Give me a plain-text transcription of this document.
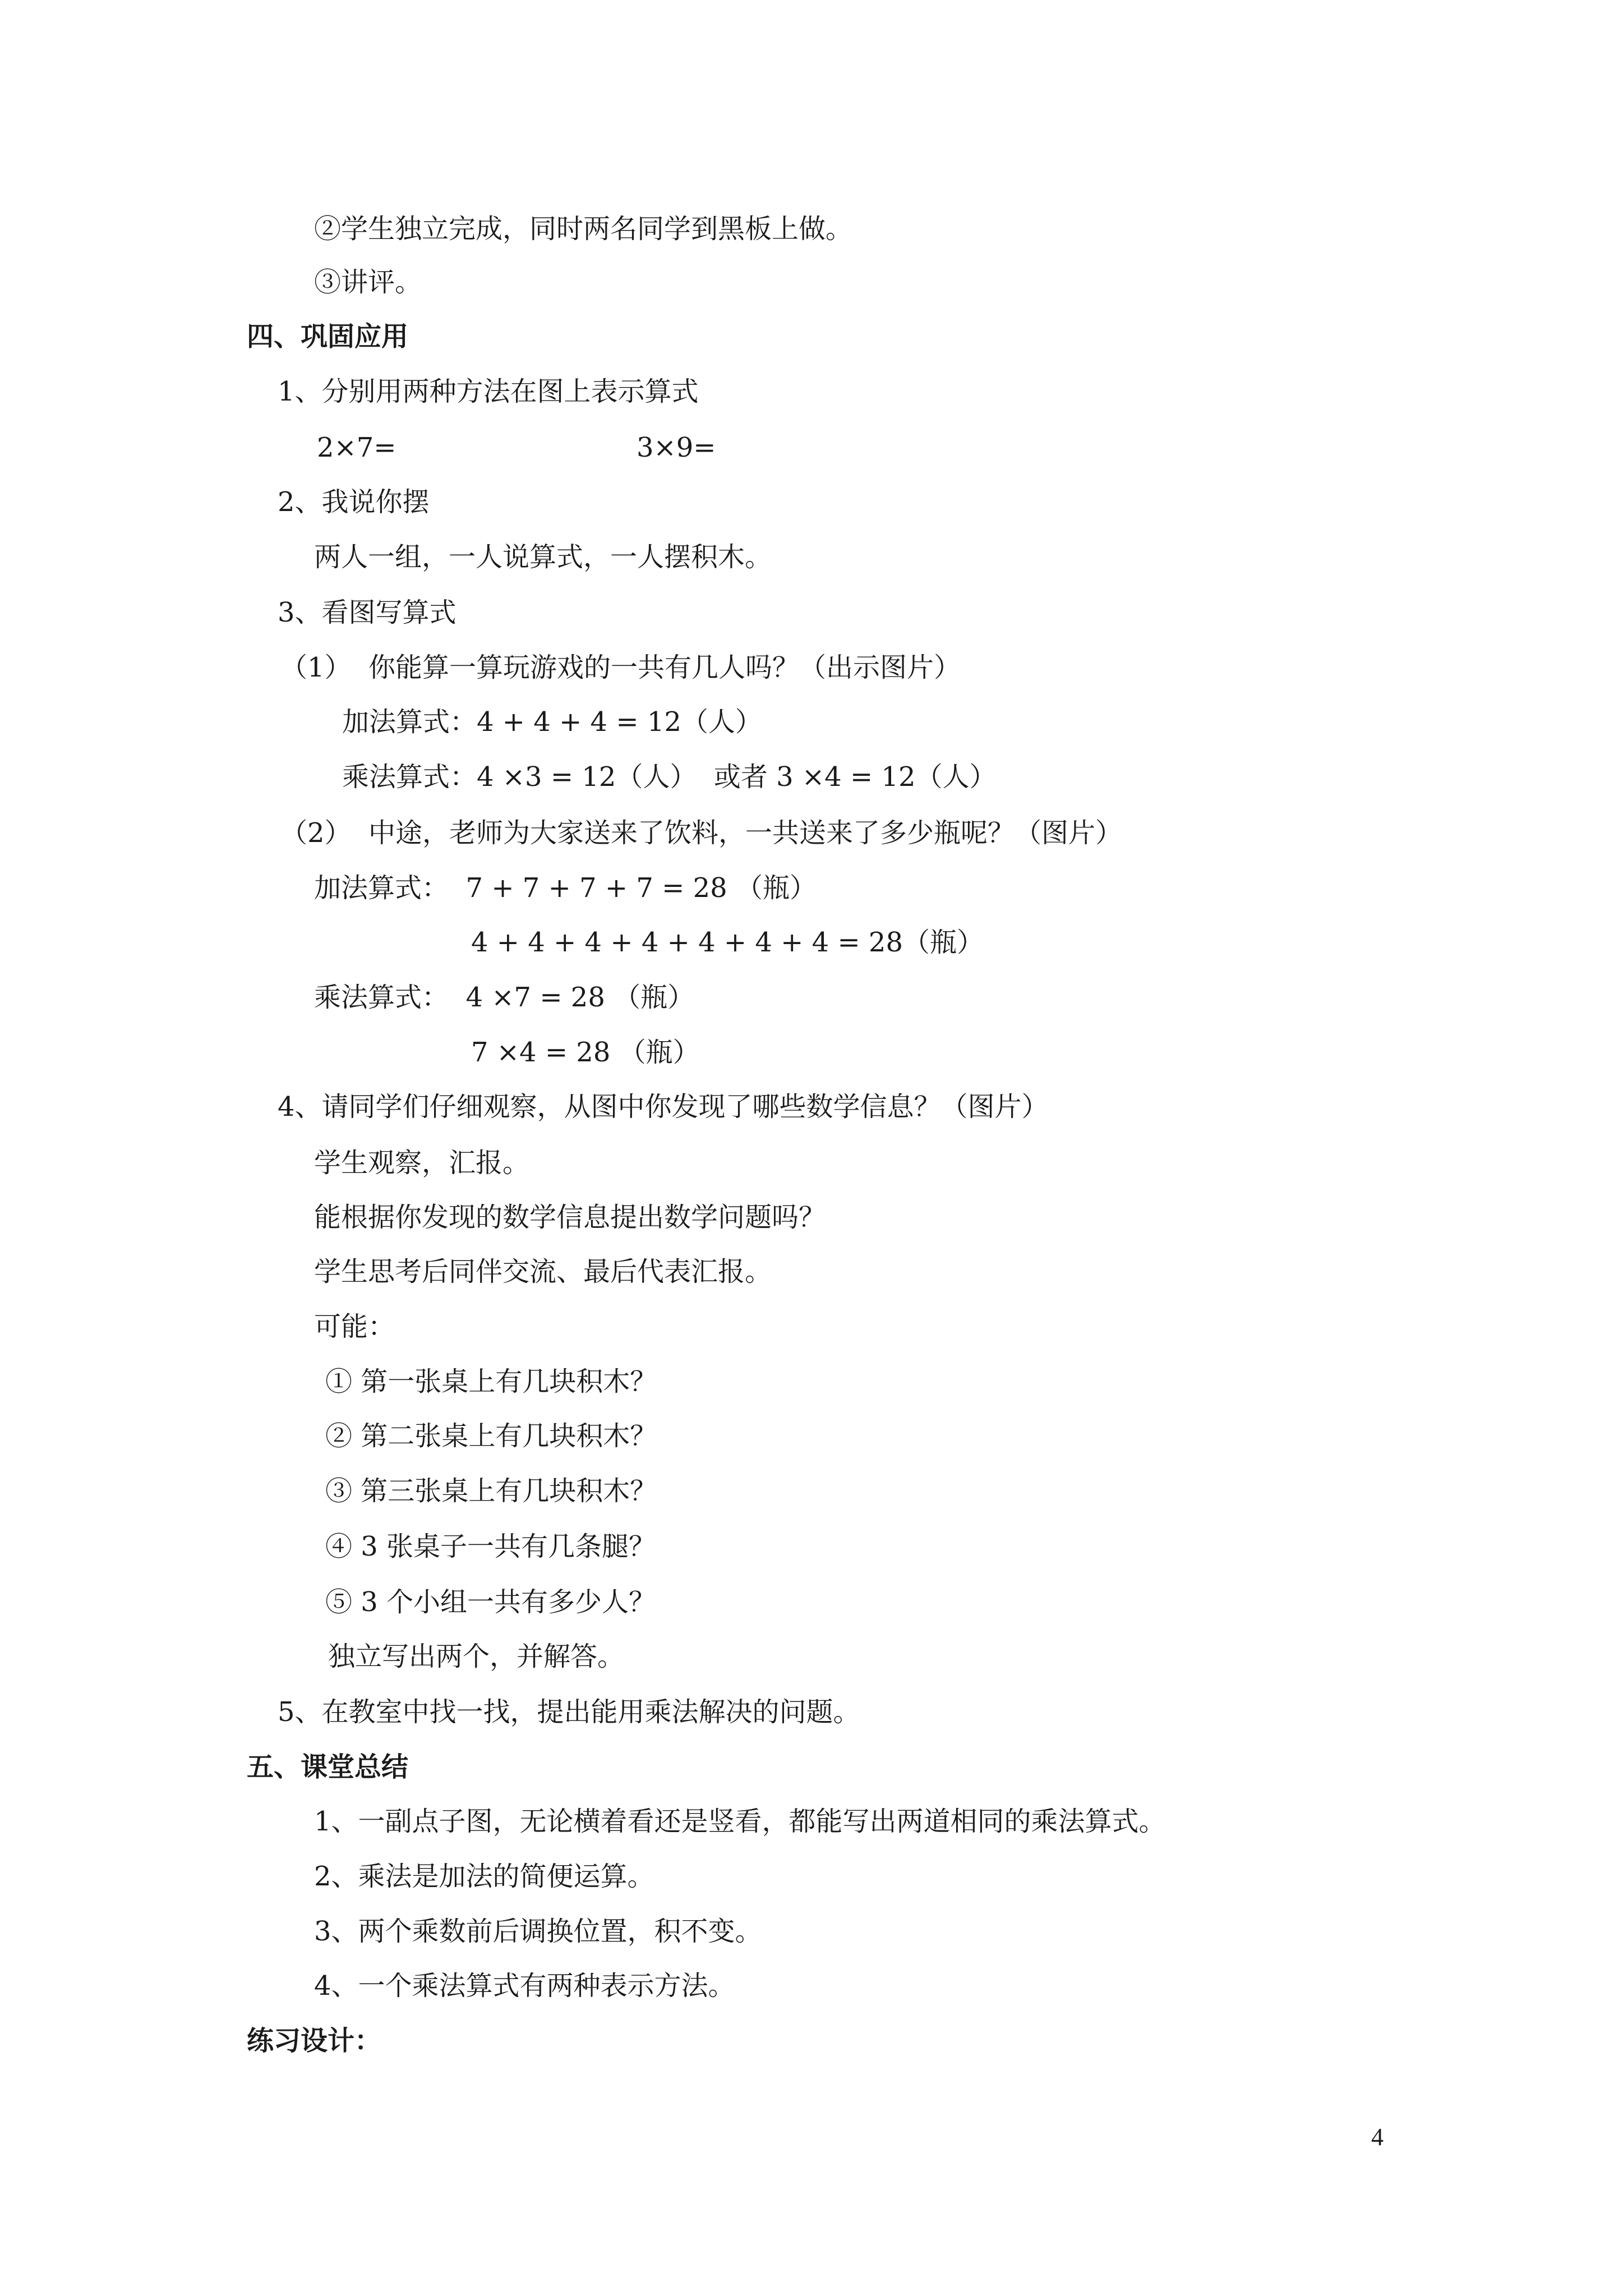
②学生独立完成，同时两名同学到黑板上做。

③讲评。

四、巩固应用

1、分别用两种方法在图上表示算式

2×7=	3×9=

2、我说你摆

两人一组，一人说算式，一人摆积木。

3、看图写算式

（1）  你能算一算玩游戏的一共有几人吗？（出示图片）

加法算式：4 + 4 + 4 = 12（人）

乘法算式：4 ×3 = 12（人）  或者 3 ×4 = 12（人）

（2）  中途，老师为大家送来了饮料，一共送来了多少瓶呢？（图片）

加法算式：  7 + 7 + 7 + 7 = 28 （瓶）

4 + 4 + 4 + 4 + 4 + 4 + 4 = 28（瓶）

乘法算式：  4 ×7 = 28 （瓶）

7 ×4 = 28 （瓶）

4、请同学们仔细观察，从图中你发现了哪些数学信息？（图片）

学生观察，汇报。

能根据你发现的数学信息提出数学问题吗？

学生思考后同伴交流、最后代表汇报。

可能：

① 第一张桌上有几块积木？

② 第二张桌上有几块积木？

③ 第三张桌上有几块积木？

④ 3 张桌子一共有几条腿？

⑤ 3 个小组一共有多少人？

独立写出两个，并解答。

5、在教室中找一找，提出能用乘法解决的问题。

五、课堂总结

1、一副点子图，无论横着看还是竖看，都能写出两道相同的乘法算式。

2、乘法是加法的简便运算。

3、两个乘数前后调换位置，积不变。

4、一个乘法算式有两种表示方法。

练习设计：

4
